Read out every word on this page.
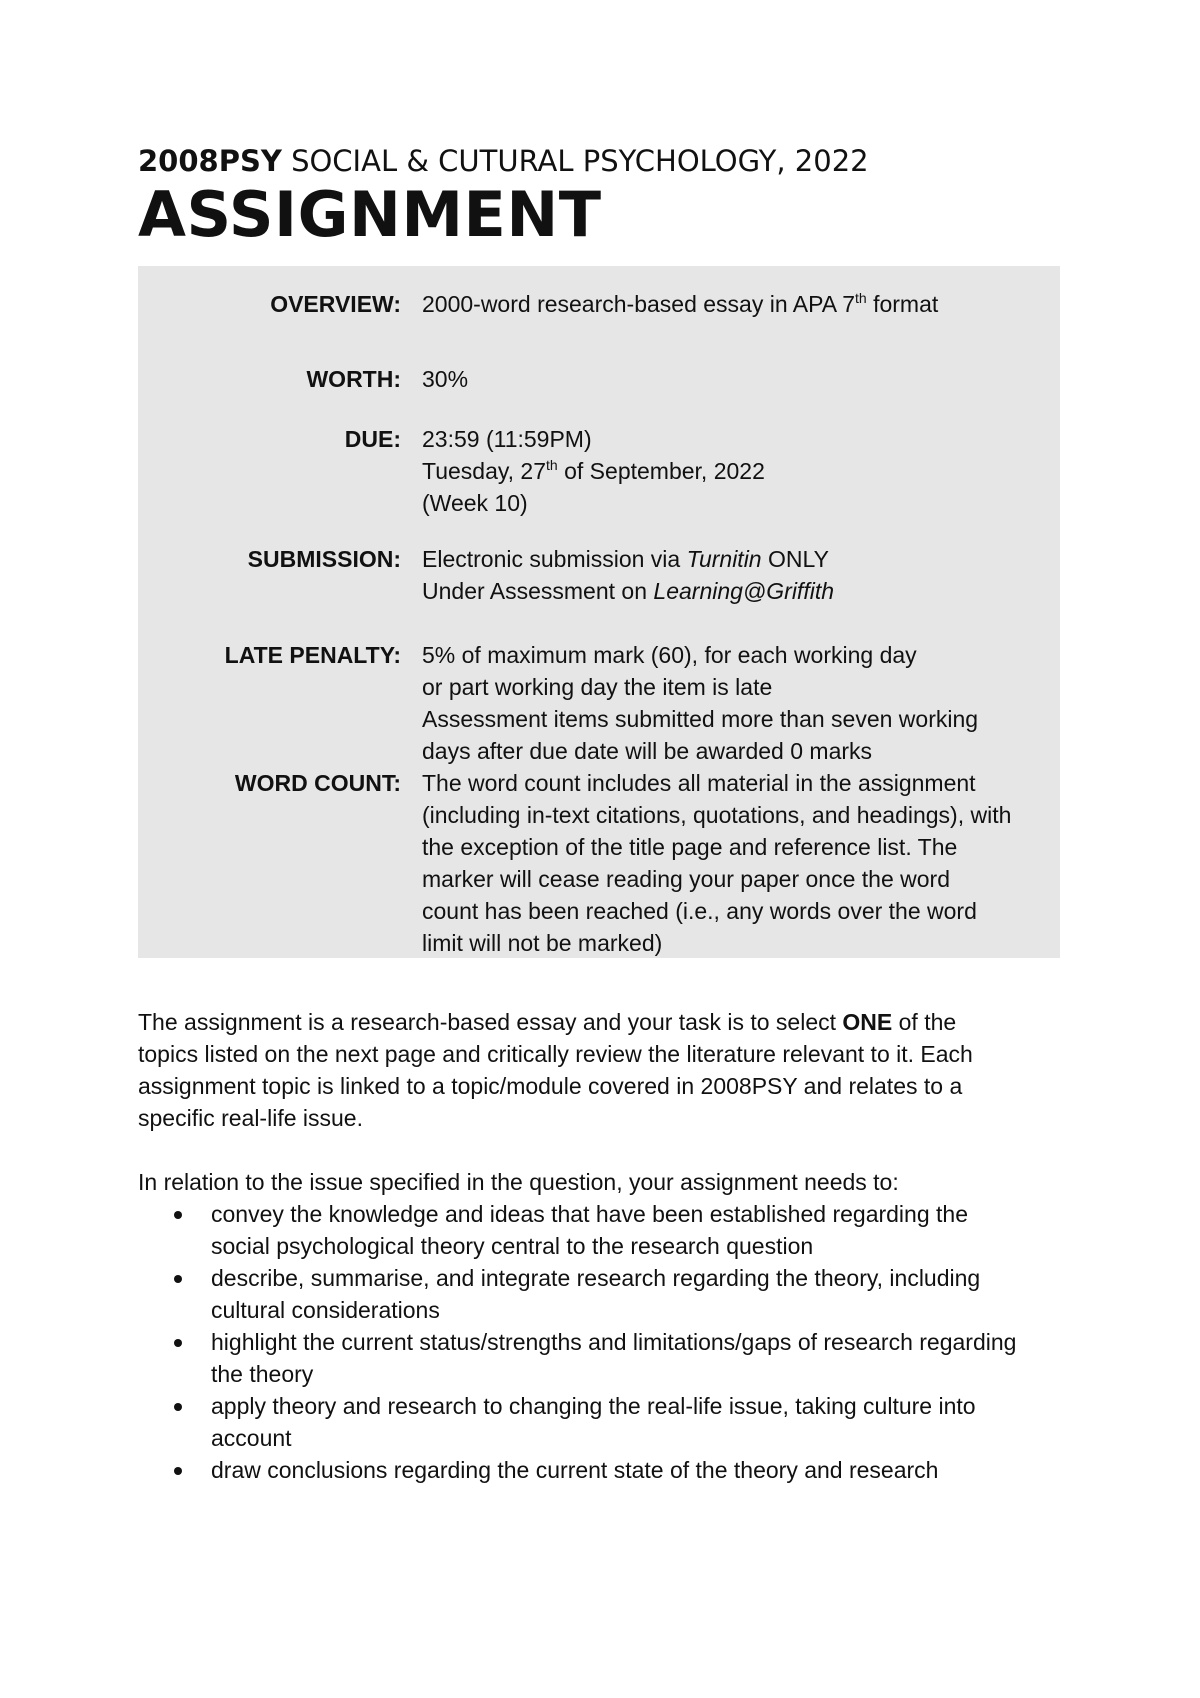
2008PSY SOCIAL & CUTURAL PSYCHOLOGY, 2022
ASSIGNMENT
OVERVIEW: 2000-word research-based essay in APA 7th format
WORTH: 30%
DUE: 23:59 (11:59PM)
Tuesday, 27th of September, 2022
(Week 10)
SUBMISSION: Electronic submission via Turnitin ONLY
Under Assessment on Learning@Griffith
LATE PENALTY: 5% of maximum mark (60), for each working day
or part working day the item is late
Assessment items submitted more than seven working
days after due date will be awarded 0 marks
WORD COUNT: The word count includes all material in the assignment
(including in-text citations, quotations, and headings), with
the exception of the title page and reference list. The
marker will cease reading your paper once the word
count has been reached (i.e., any words over the word
limit will not be marked)
The assignment is a research-based essay and your task is to select ONE of the
topics listed on the next page and critically review the literature relevant to it. Each
assignment topic is linked to a topic/module covered in 2008PSY and relates to a
specific real-life issue.
In relation to the issue specified in the question, your assignment needs to:
convey the knowledge and ideas that have been established regarding the
social psychological theory central to the research question
describe, summarise, and integrate research regarding the theory, including
cultural considerations
highlight the current status/strengths and limitations/gaps of research regarding
the theory
apply theory and research to changing the real-life issue, taking culture into
account
draw conclusions regarding the current state of the theory and research
